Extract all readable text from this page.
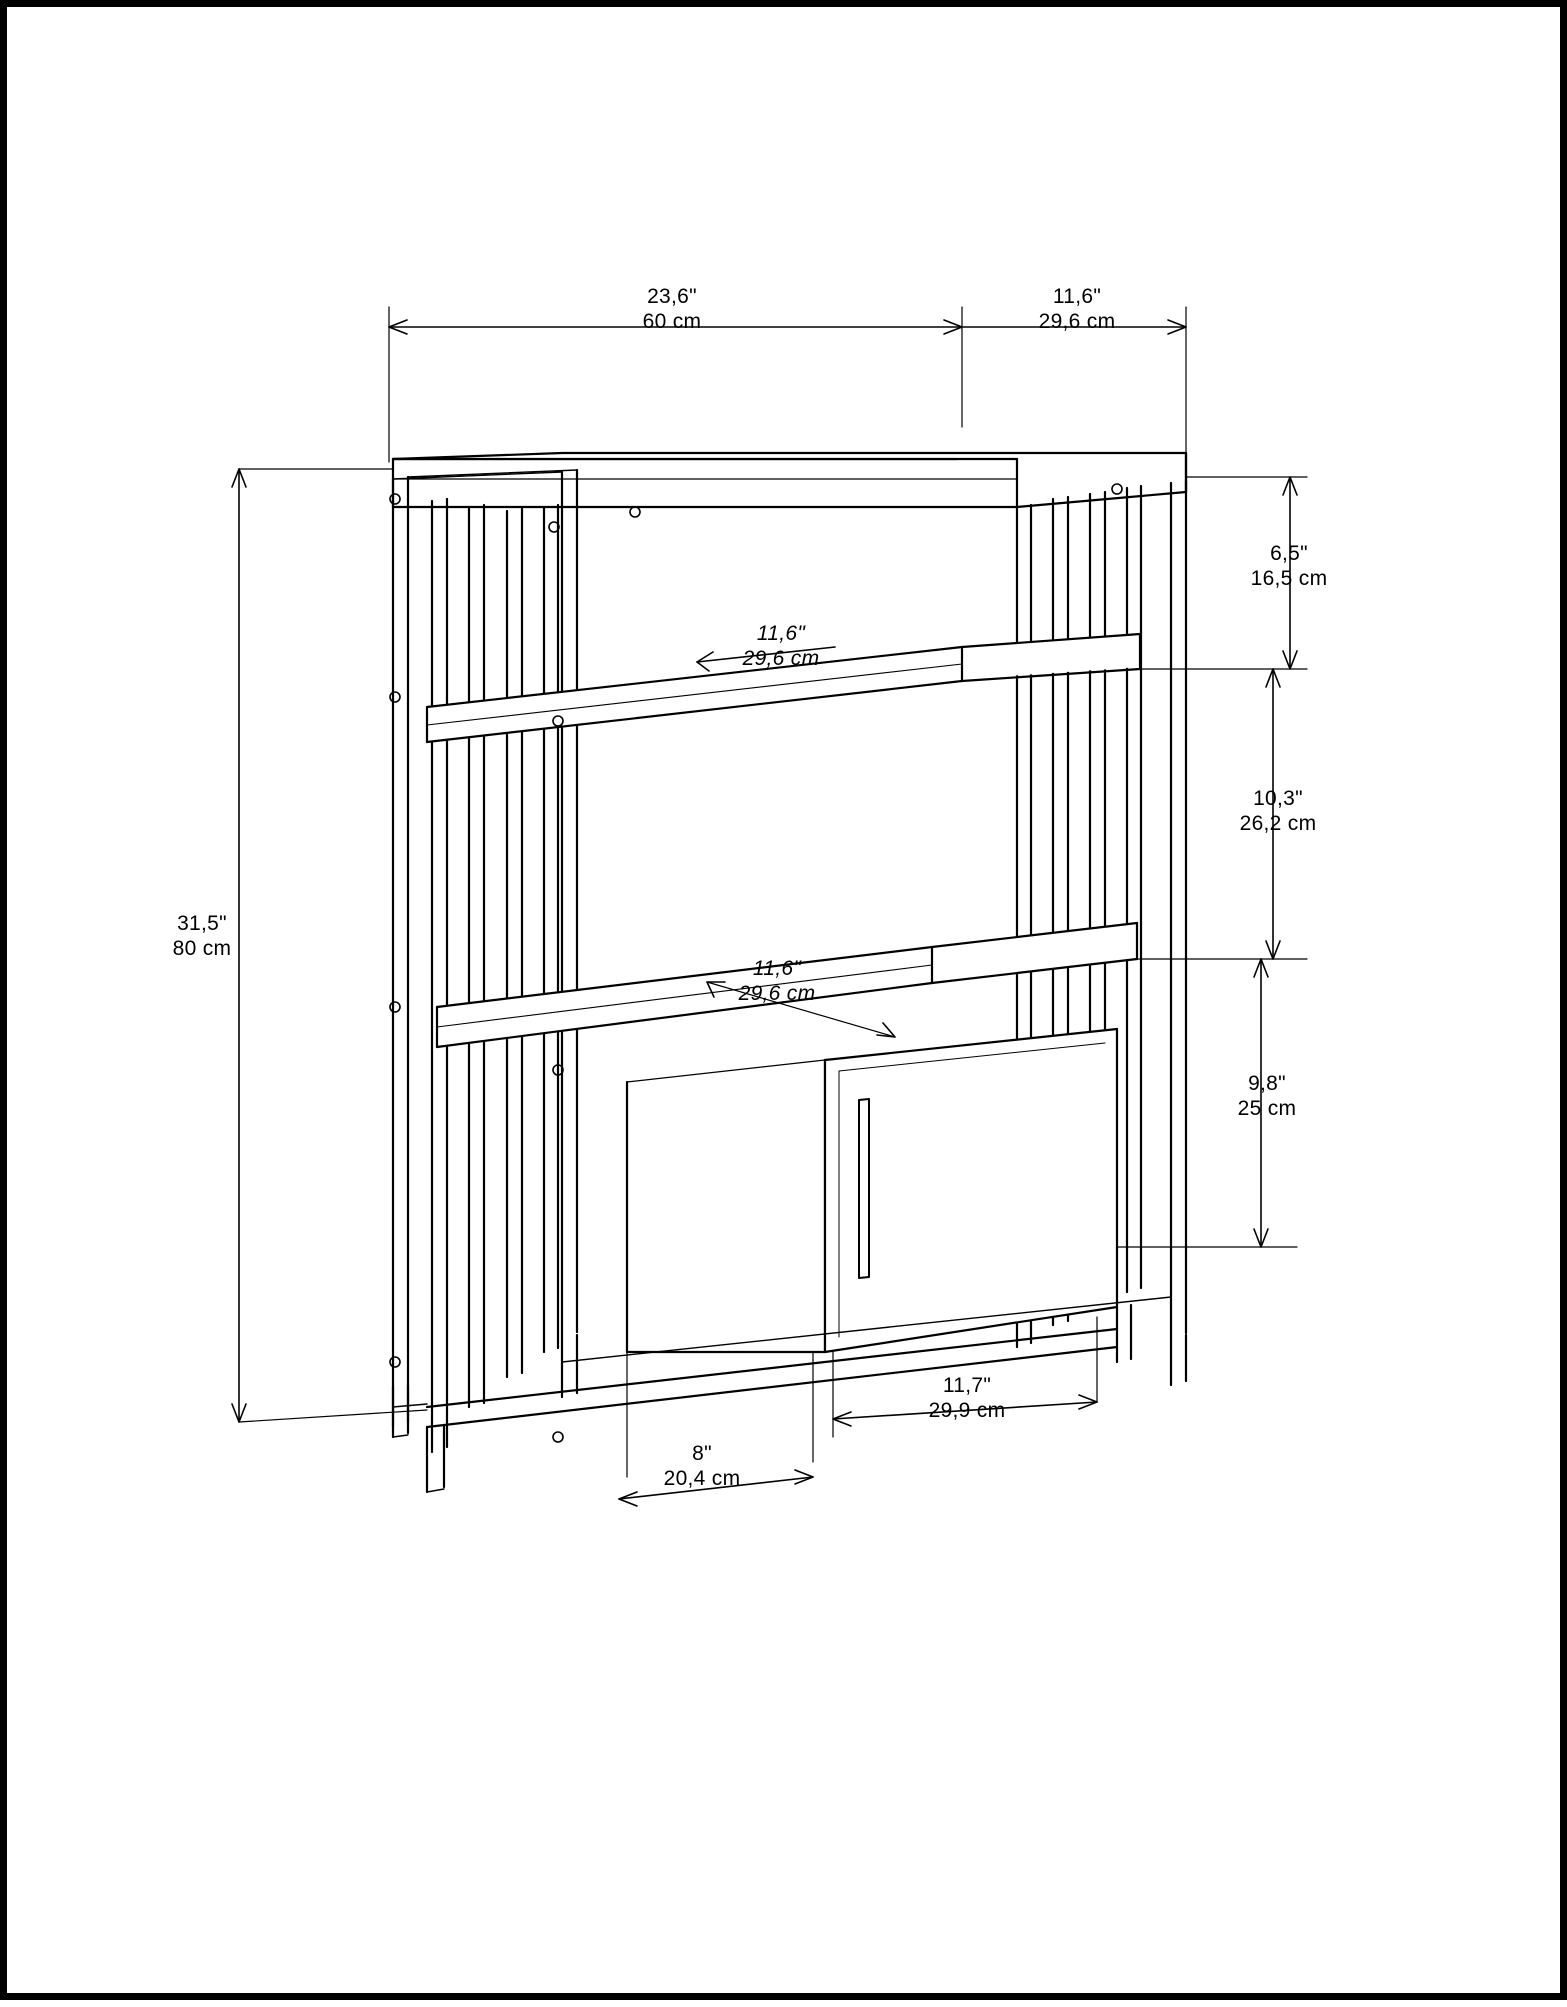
23,6"
60 cm
11,6"
29,6 cm
6,5"
16,5 cm
11,6"
29,6 cm
10,3"
26,2 cm
11,6"
29,6 cm
9,8"
25 cm
31,5"
80 cm
11,7"
29,9 cm
8"
20,4 cm
